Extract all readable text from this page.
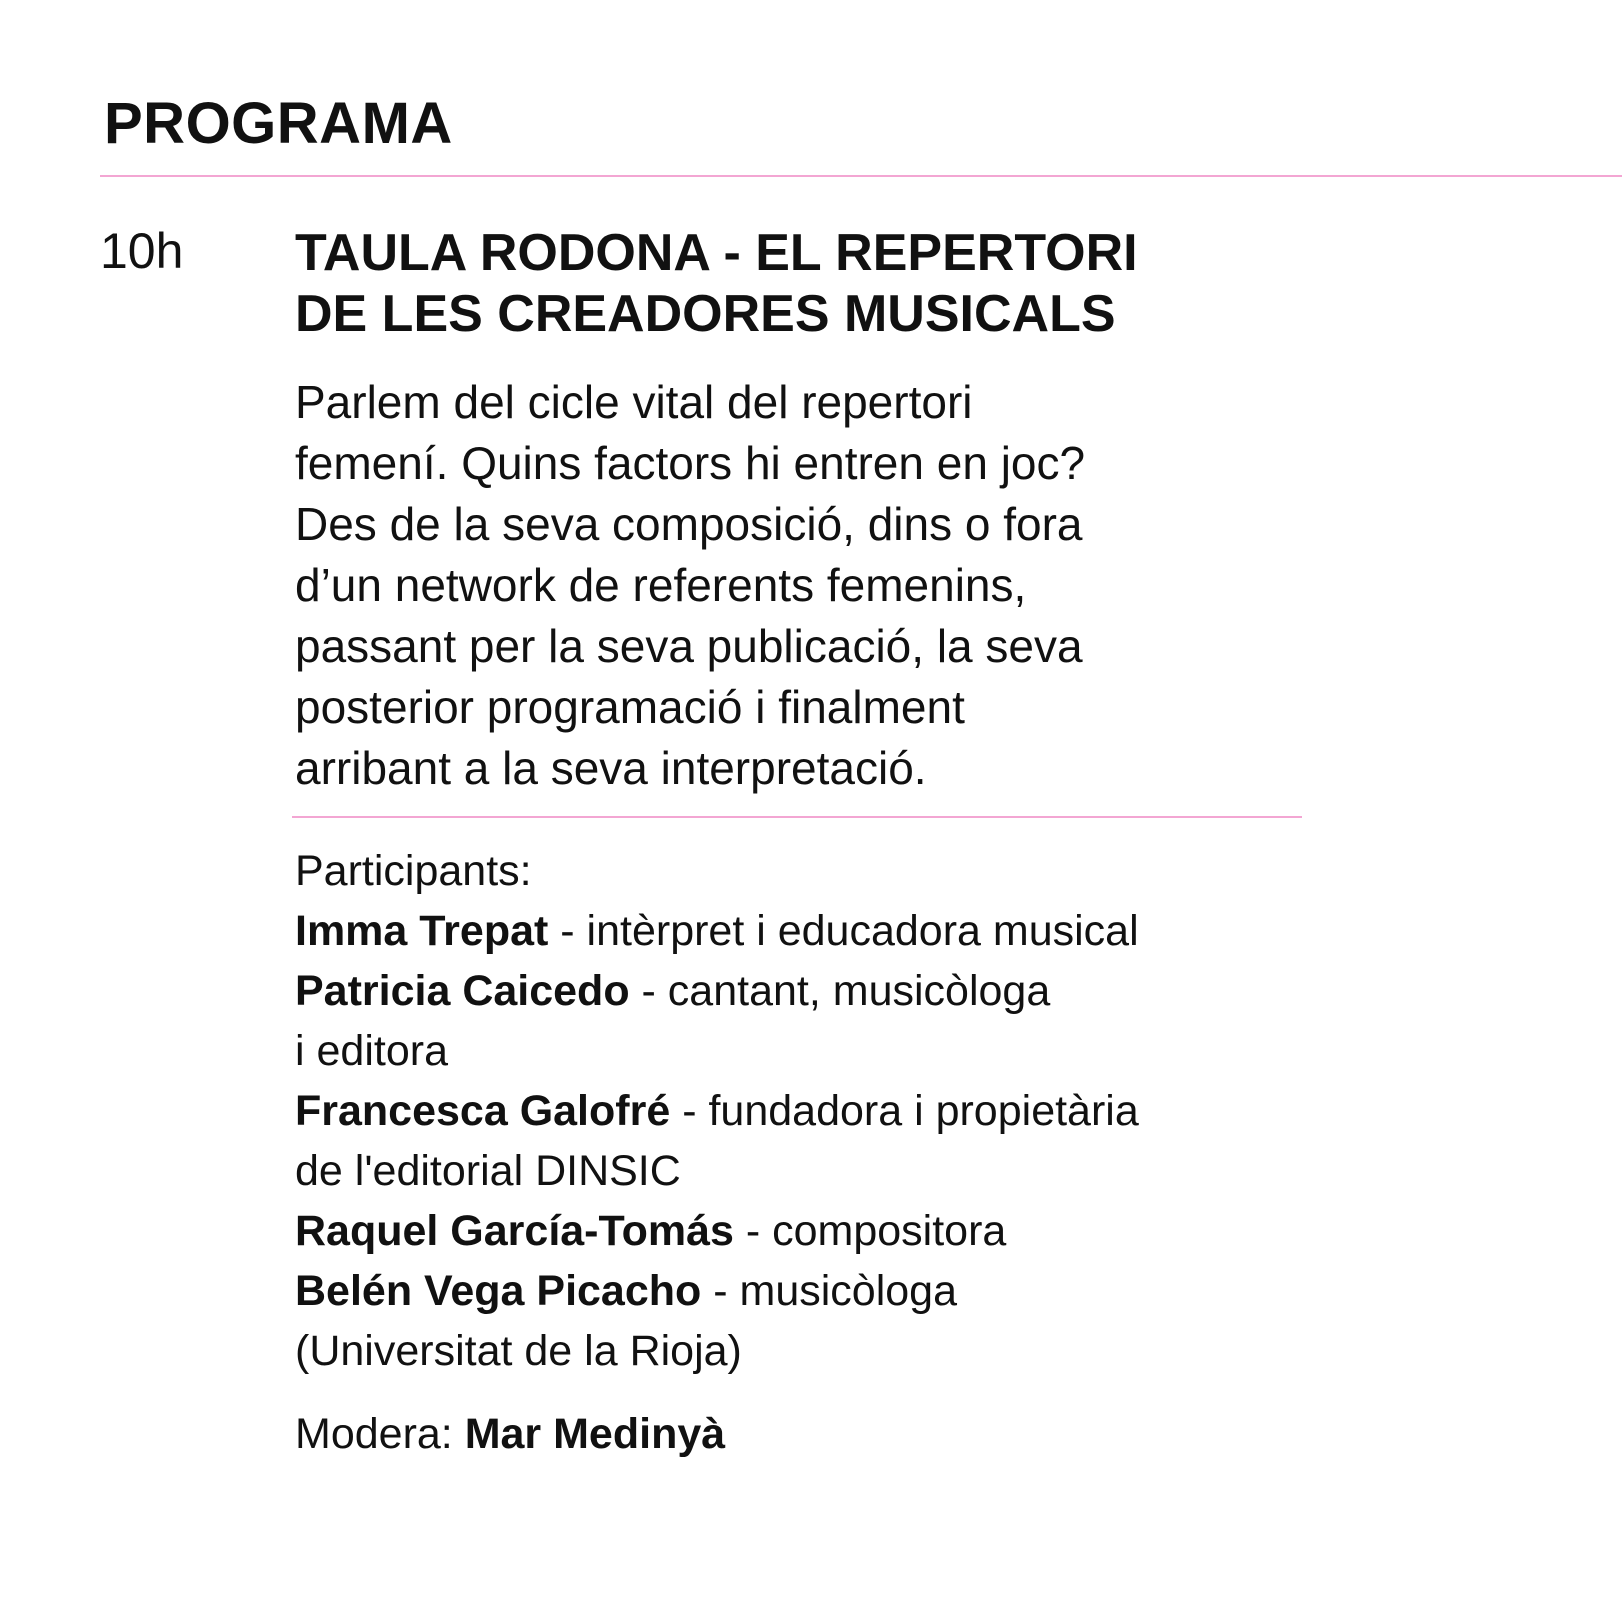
PROGRAMA
10h TAULA RODONA - EL REPERTORI
DE LES CREADORES MUSICALS
Parlem del cicle vital del repertori
femení. Quins factors hi entren en joc?
Des de la seva composició, dins o fora
d’un network de referents femenins,
passant per la seva publicació, la seva
posterior programació i finalment
arribant a la seva interpretació.
Participants:
Imma Trepat - intèrpret i educadora musical
Patricia Caicedo - cantant, musicòloga
i editora
Francesca Galofré - fundadora i propietària
de l'editorial DINSIC
Raquel García-Tomás - compositora
Belén Vega Picacho - musicòloga
(Universitat de la Rioja)
Modera: Mar Medinyà
